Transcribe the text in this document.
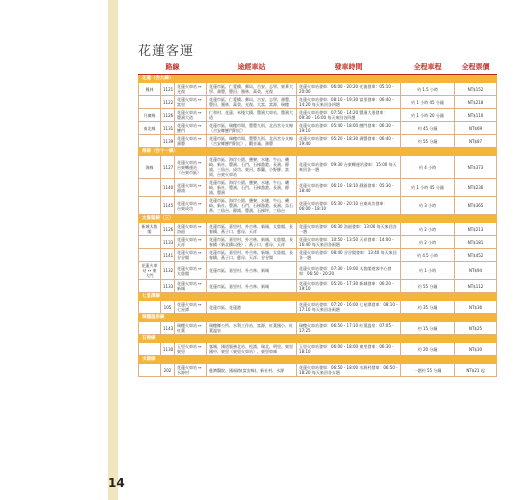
花蓮客運
路線			途經車站	發車時間	全程車程	全程票價
花蓮（台九線）						
鳳林	1121	花蓮火車站 ↔ 光復	花蓮市區、仁愛橋、郵局、吉安、志學、東華大學、壽豐、豐田、鳳林、萬榮、光復	花蓮火車站發車：06:00 - 20:20 光復發車：05:10 - 20:00	約 1.5 小時	NT$152
	1122	花蓮火車站 ↔ 富里	花蓮市區、仁愛橋、郵局、吉安、志學、壽豐、豐田、鳳林、萬榮、光復、大富、富源、瑞穗	花蓮火車站發車：08:10 - 19:30 富里發車：06:40 - 14:20 每天來回各四趟	約 1 小時 45 分鐘	NT$218
月廣線	1126	花蓮火車站 ↔ 豐濱大道	仁和村、花蓮、米棧大橋、豐濱大車站、豐濱大道	花蓮火車站發車：07:50 - 14:20 豐濱大道發車：09:30 - 16:00 每天來回各四趟	約 1 小時 20 分鐘	NT$110
南北線	1131	花蓮火車站 ↔ 鯉門	花蓮市區、瑞穗市場、豐豐九街、北昌宮分支線（吉安鄉鯉門附近）	花蓮火車站發車：05:40 - 18:00 鯉門發車：06:30 - 19:10	約 45 分鐘	NT$69
	1139	花蓮火車站 ↔ 壽豐	花蓮市區、瑞穗市場、豐豐九街、北昌宮分支線（吉安鄉鯉門附近）、觀音滿、壽豐	花蓮火車站發車：05:20 - 18:30 壽豐發車：06:40 - 19:40	約 55 分鐘	NT$87
海線（台十一線）						
海線	1127	花蓮火車站 ↔ 台東轉運站（台東市區）	花蓮市區、海岸公園、鹽寮、水璉、牛山、磯崎、新社、豐濱、石門、石梯漁港、長濱、靜浦、三仙台、成功、東河、都蘭、小野柳、富岡、台東火車站	花蓮火車站發車：09:30 台東轉運站發車：15:00 每天來回各一趟	約 4 小時	NT$373
	1140	花蓮火車站 ↔ 靜浦	花蓮市區、海岸公園、鹽寮、水璉、牛山、磯崎、新社、豐濱、石門、石梯漁港、長濱、靜浦、豐濱	花蓮火車站發車：06:10 - 18:10 靜浦發車：05:30 - 18:40	約 1 小時 45 分鐘	NT$236
	1145	花蓮火車站 ↔ 台東成功	花蓮市區、海岸公園、鹽寮、水璉、牛山、磯崎、新社、豐濱、石門、石梯漁港、長濱、烏石鼻、三仙台、靜浦、豐濱、石梯坪、三仙台	花蓮火車站發車：05:30 - 20:10 台東成功發車：06:00 - 18:10	約 3 小時	NT$365
太魯閣線（三）						
新城太魯閣	1126	花蓮火車站 ↔ 洛韶	花蓮市區、嘉里村、外吉林、新城、太魯閣、長春橋、燕子口、慈母、天祥	花蓮火車站發車：06:30 洛韶發車：13:00 每天來回各一趟	約 2 小時	NT$213
	1133	花蓮火車站 ↔ 天祥	花蓮市區、嘉里村、外吉林、新城、太魯閣、長春橋（新北橋以後）、燕子口、慈母、天祥	花蓮火車站發車：10:50 - 13:50 天祥發車：14:00 - 16:40 每天來回各兩趟	約 2 小時	NT$181
	1141	花蓮火車站 ↔ 谷谷閣	花蓮市區、嘉里村、外吉林、新城、太魯閣、長春橋、燕子口、慈母、天祥、谷谷閣	花蓮火車站發車：08:40 谷谷閣發車：13:40 每天來回各一趟	約 4.5 小時	NT$452
花蓮火車站 ↔ 東大門	1132	花蓮火車站 ↔ 太魯閣	花蓮市區、嘉里村、外吉林、新城	花蓮火車站發車：07:30 - 19:00 太魯閣遊客中心發車：06:50 - 20:20	約 1 小時	NT$94
	1133	花蓮火車站 ↔ 新城	花蓮市區、嘉里村、外吉林、新城	花蓮火車站發車：05:20 - 17:30 新城發車：06:20 - 19:10	約 55 分鐘	NT$112
七星潭線						
	105	花蓮火車站 ↔ 七星潭	花蓮市區、花蓮港	花蓮火車站發車：07:20 - 16:00 七星潭發車：08:10 - 17:10 每天來回各兩趟	約 35 分鐘	NT$36
瑞穗溫泉線						
	1143	瑞穗火車站 ↔ 紅葉	瑞穗鄉公所、水利工作站、富源、紅葉國小、紅葉溫泉	瑞穗火車站發車：06:50 - 17:10 紅葉溫泉：07:05 - 17:25	約 15 分鐘	NT$25
石梯線						
	1130	玉里火車站 ↔ 東里	客城、國道服務北站、松浦、瑞北、明里、東里國中、東里（東里火車站）、東里車庫	玉里火車站發車：06:00 - 18:00 東里發車：06:30 - 18:10	約 20 分鐘	NT$30
水源線						
	202	花蓮火車站 ↔ 水源村	慈濟醫院、國福路(富安線)、新社村、水源	花蓮火車站發車：06:50 - 18:00 水源村發車：06:50 - 18:20 每天來回各五趟	一趟約 55 分鐘	NT$21 起
14
